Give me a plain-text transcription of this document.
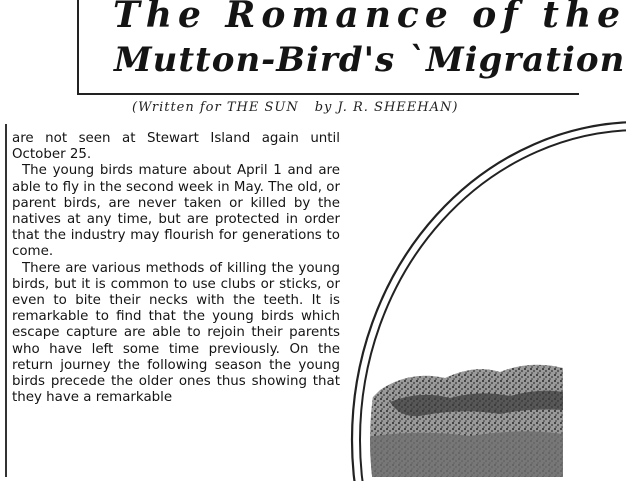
The Romance of the
Mutton-Bird's ˋMigration
(Written for THE SUN by J. R. SHEEHAN)

are not seen at Stewart Island again until October 25.

The young birds mature about April 1 and are able to fly in the second week in May. The old, or parent birds, are never taken or killed by the natives at any time, but are protected in order that the industry may flourish for generations to come.

There are various methods of killing the young birds, but it is common to use clubs or sticks, or even to bite their necks with the teeth. It is remarkable to find that the young birds which escape capture are able to rejoin their parents who have left some time previously. On the return journey the following season the young birds precede the older ones thus showing that they have a remarkable
